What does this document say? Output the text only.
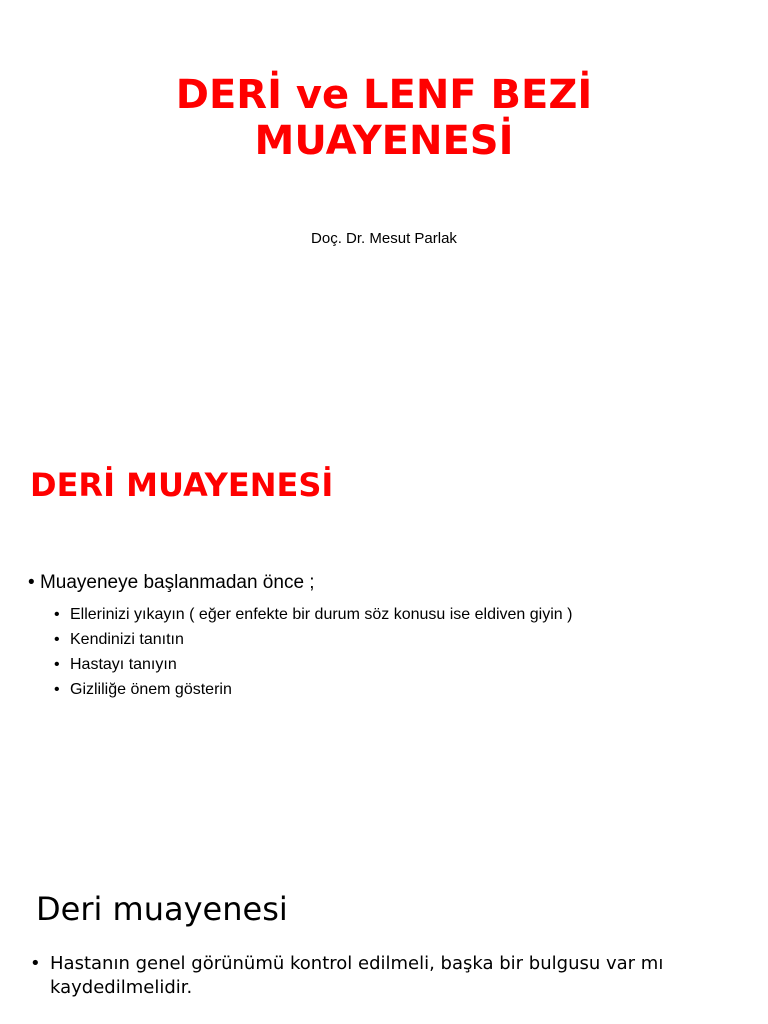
DERİ ve LENF BEZİ
MUAYENESİ
Doç. Dr. Mesut Parlak
DERİ MUAYENESİ
• Muayeneye başlanmadan önce ;
• Ellerinizi yıkayın ( eğer enfekte bir durum söz konusu ise eldiven giyin )
• Kendinizi tanıtın
• Hastayı tanıyın
• Gizliliğe önem gösterin
Deri muayenesi
• Hastanın genel görünümü kontrol edilmeli, başka bir bulgusu var mı
kaydedilmelidir.
